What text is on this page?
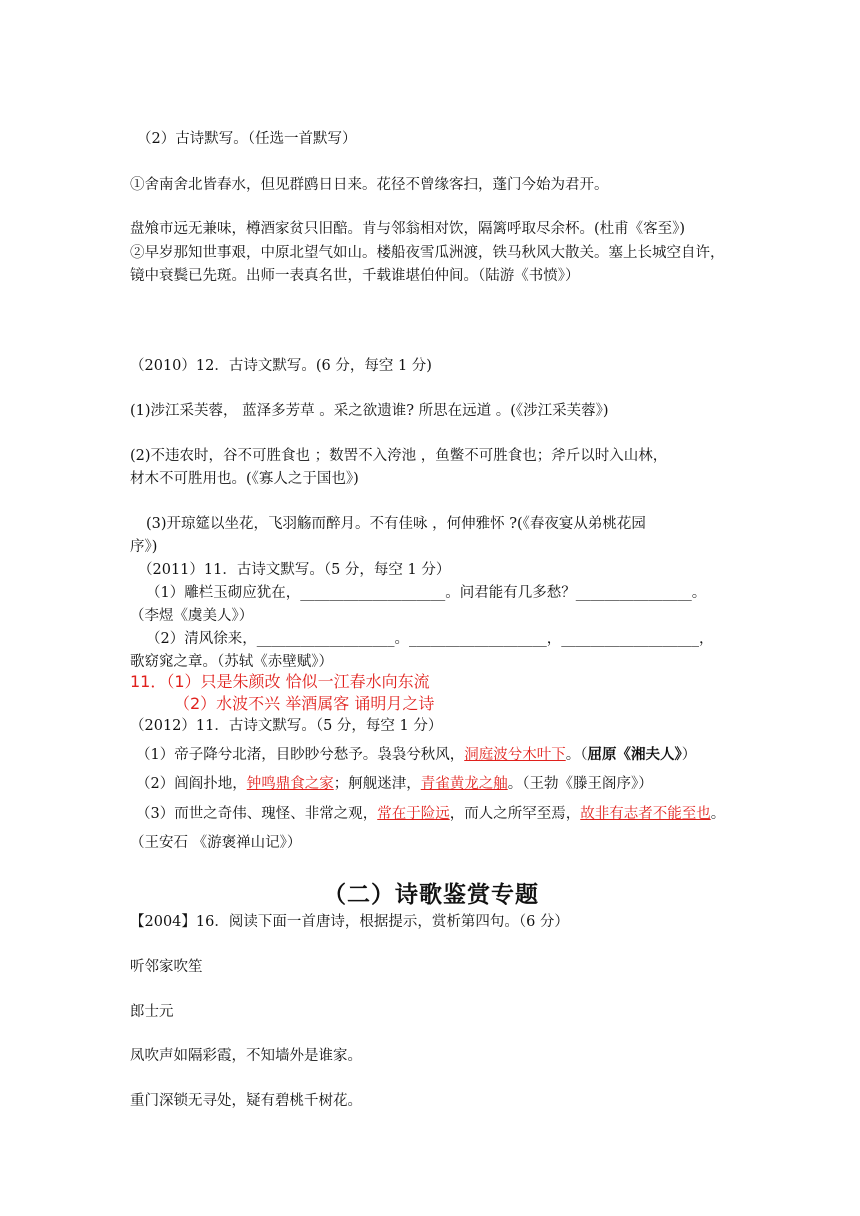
（2）古诗默写。（任选一首默写）
①舍南舍北皆春水，但见群鸥日日来。花径不曾缘客扫，蓬门今始为君开。
盘飧市远无兼味，樽酒家贫只旧醅。肯与邻翁相对饮，隔篱呼取尽余杯。(杜甫《客至》)
②早岁那知世事艰，中原北望气如山。楼船夜雪瓜洲渡，铁马秋风大散关。塞上长城空自许，
镜中衰鬓已先斑。出师一表真名世，千载谁堪伯仲间。（陆游《书愤》）
（2010）12．古诗文默写。(6 分，每空 1 分)
(1)涉江采芙蓉， 蓝泽多芳草 。采之欲遗谁? 所思在远道 。(《涉江采芙蓉》)
(2)不违农时，谷不可胜食也 ；数罟不入洿池 ，鱼鳖不可胜食也；斧斤以时入山林，
材木不可胜用也。(《寡人之于国也》)
(3)开琼筵以坐花，飞羽觞而醉月。不有佳咏 ，何伸雅怀 ?(《春夜宴从弟桃花园
序》)
（2011）11．古诗文默写。（5 分，每空 1 分）
（1）雕栏玉砌应犹在，____________________。问君能有几多愁？________________。
（李煜《虞美人》）
（2）清风徐来，___________________。___________________，___________________，
歌窈窕之章。（苏轼《赤壁赋》）
11．（1）只是朱颜改 恰似一江春水向东流
（2）水波不兴 举酒属客 诵明月之诗
（2012）11．古诗文默写。（5 分，每空 1 分）
（1）帝子降兮北渚，目眇眇兮愁予。袅袅兮秋风，洞庭波兮木叶下。（屈原《湘夫人》）
（2）闾阎扑地，钟鸣鼎食之家；舸舰迷津，青雀黄龙之舳。（王勃《滕王阁序》）
（3）而世之奇伟、瑰怪、非常之观，常在于险远，而人之所罕至焉，故非有志者不能至也。
（王安石 《游褒禅山记》）
（二）诗歌鉴赏专题
【2004】16．阅读下面一首唐诗，根据提示，赏析第四句。（6 分）
听邻家吹笙
郎士元
凤吹声如隔彩霞，不知墙外是谁家。
重门深锁无寻处，疑有碧桃千树花。
